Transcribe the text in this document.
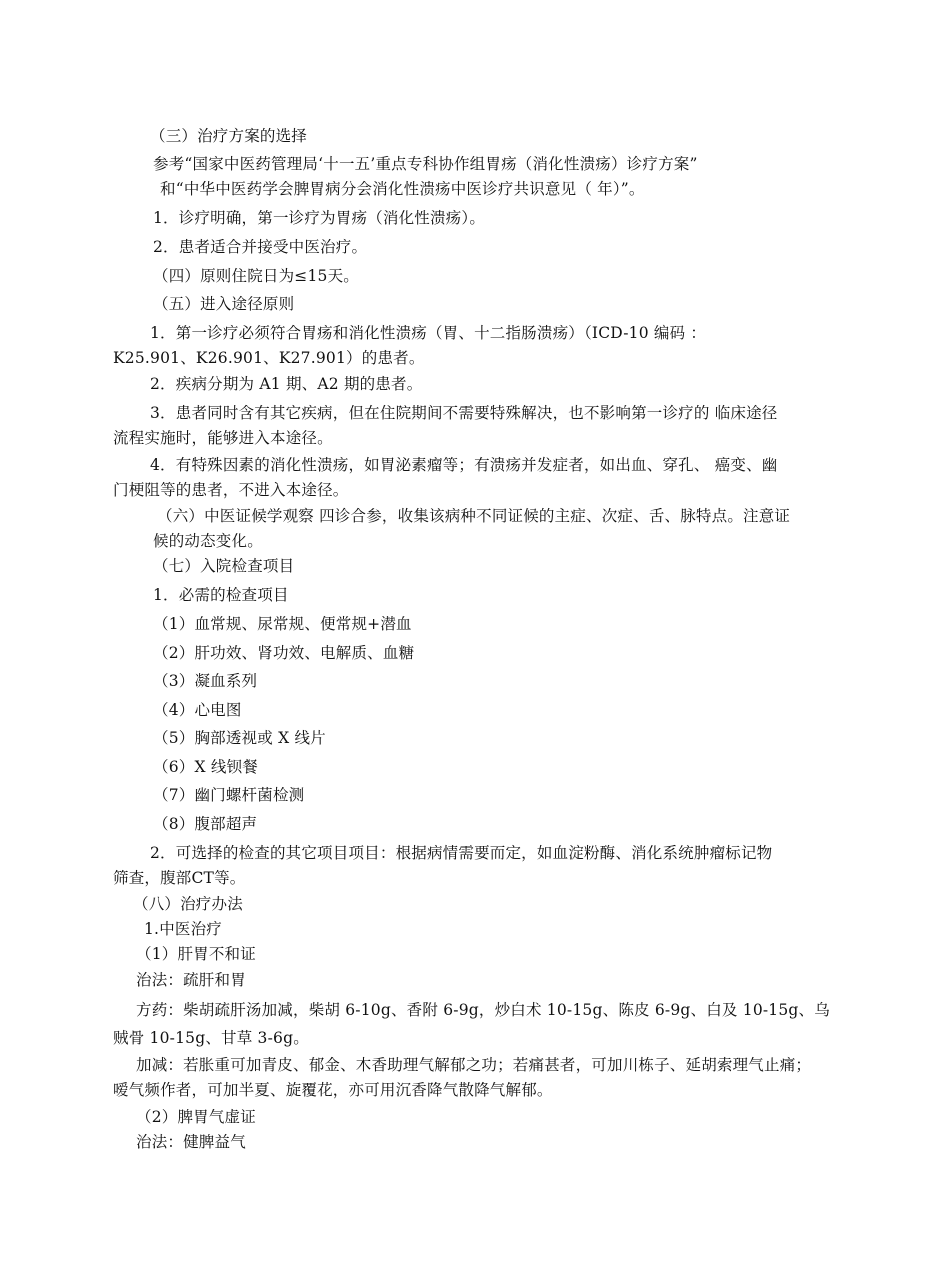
（三）治疗方案的选择
参考“国家中医药管理局‘十一五’重点专科协作组胃疡（消化性溃疡）诊疗方案”
和“中华中医药学会脾胃病分会消化性溃疡中医诊疗共识意见（ 年）”。
1．诊疗明确，第一诊疗为胃疡（消化性溃疡）。
2．患者适合并接受中医治疗。
（四）原则住院日为≤15天。
（五）进入途径原则
1．第一诊疗必须符合胃疡和消化性溃疡（胃、十二指肠溃疡）（ICD-10 编码 ：
K25.901、K26.901、K27.901）的患者。
2．疾病分期为 A1 期、A2 期的患者。
3．患者同时含有其它疾病，但在住院期间不需要特殊解决，也不影响第一诊疗的 临床途径
流程实施时，能够进入本途径。
4．有特殊因素的消化性溃疡，如胃泌素瘤等；有溃疡并发症者，如出血、穿孔、 癌变、幽
门梗阻等的患者，不进入本途径。
（六）中医证候学观察 四诊合参，收集该病种不同证候的主症、次症、舌、脉特点。注意证
候的动态变化。
（七）入院检查项目
1．必需的检查项目
（1）血常规、尿常规、便常规+潜血
（2）肝功效、肾功效、电解质、血糖
（3）凝血系列
（4）心电图
（5）胸部透视或 X 线片
（6）X 线钡餐
（7）幽门螺杆菌检测
（8）腹部超声
2．可选择的检查的其它项目项目：根据病情需要而定，如血淀粉酶、消化系统肿瘤标记物
筛查，腹部CT等。
（八）治疗办法
1.中医治疗
（1）肝胃不和证
治法：疏肝和胃
方药：柴胡疏肝汤加减，柴胡 6-10g、香附 6-9g，炒白术 10-15g、陈皮 6-9g、白及 10-15g、乌
贼骨 10-15g、甘草 3-6g。
加减：若胀重可加青皮、郁金、木香助理气解郁之功；若痛甚者，可加川栋子、延胡索理气止痛；
嗳气频作者，可加半夏、旋覆花，亦可用沉香降气散降气解郁。
（2）脾胃气虚证
治法：健脾益气
